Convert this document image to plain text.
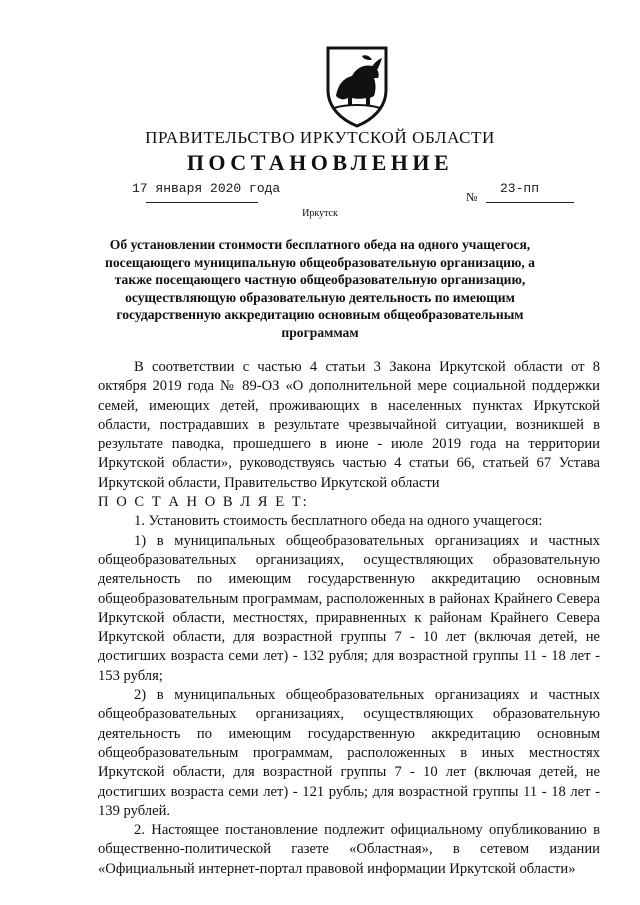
ПРАВИТЕЛЬСТВО ИРКУТСКОЙ ОБЛАСТИ
ПОСТАНОВЛЕНИЕ
17 января 2020 года
№
23-пп
Иркутск
Об установлении стоимости бесплатного обеда на одного учащегося, посещающего муниципальную общеобразовательную организацию, а также посещающего частную общеобразовательную организацию, осуществляющую образовательную деятельность по имеющим государственную аккредитацию основным общеобразовательным программам

В соответствии с частью 4 статьи 3 Закона Иркутской области от 8 октября 2019 года № 89-ОЗ «О дополнительной мере социальной поддержки семей, имеющих детей, проживающих в населенных пунктах Иркутской области, пострадавших в результате чрезвычайной ситуации, возникшей в результате паводка, прошедшего в июне - июле 2019 года на территории Иркутской области», руководствуясь частью 4 статьи 66, статьей 67 Устава Иркутской области, Правительство Иркутской области

П О С Т А Н О В Л Я Е Т:

1. Установить стоимость бесплатного обеда на одного учащегося:

1) в муниципальных общеобразовательных организациях и частных общеобразовательных организациях, осуществляющих образовательную деятельность по имеющим государственную аккредитацию основным общеобразовательным программам, расположенных в районах Крайнего Севера Иркутской области, местностях, приравненных к районам Крайнего Севера Иркутской области, для возрастной группы 7 - 10 лет (включая детей, не достигших возраста семи лет) - 132 рубля; для возрастной группы 11 - 18 лет - 153 рубля;

2) в муниципальных общеобразовательных организациях и частных общеобразовательных организациях, осуществляющих образовательную деятельность по имеющим государственную аккредитацию основным общеобразовательным программам, расположенных в иных местностях Иркутской области, для возрастной группы 7 - 10 лет (включая детей, не достигших возраста семи лет) - 121 рубль; для возрастной группы 11 - 18 лет - 139 рублей.

2. Настоящее постановление подлежит официальному опубликованию в общественно-политической газете «Областная», в сетевом издании «Официальный интернет-портал правовой информации Иркутской области»
